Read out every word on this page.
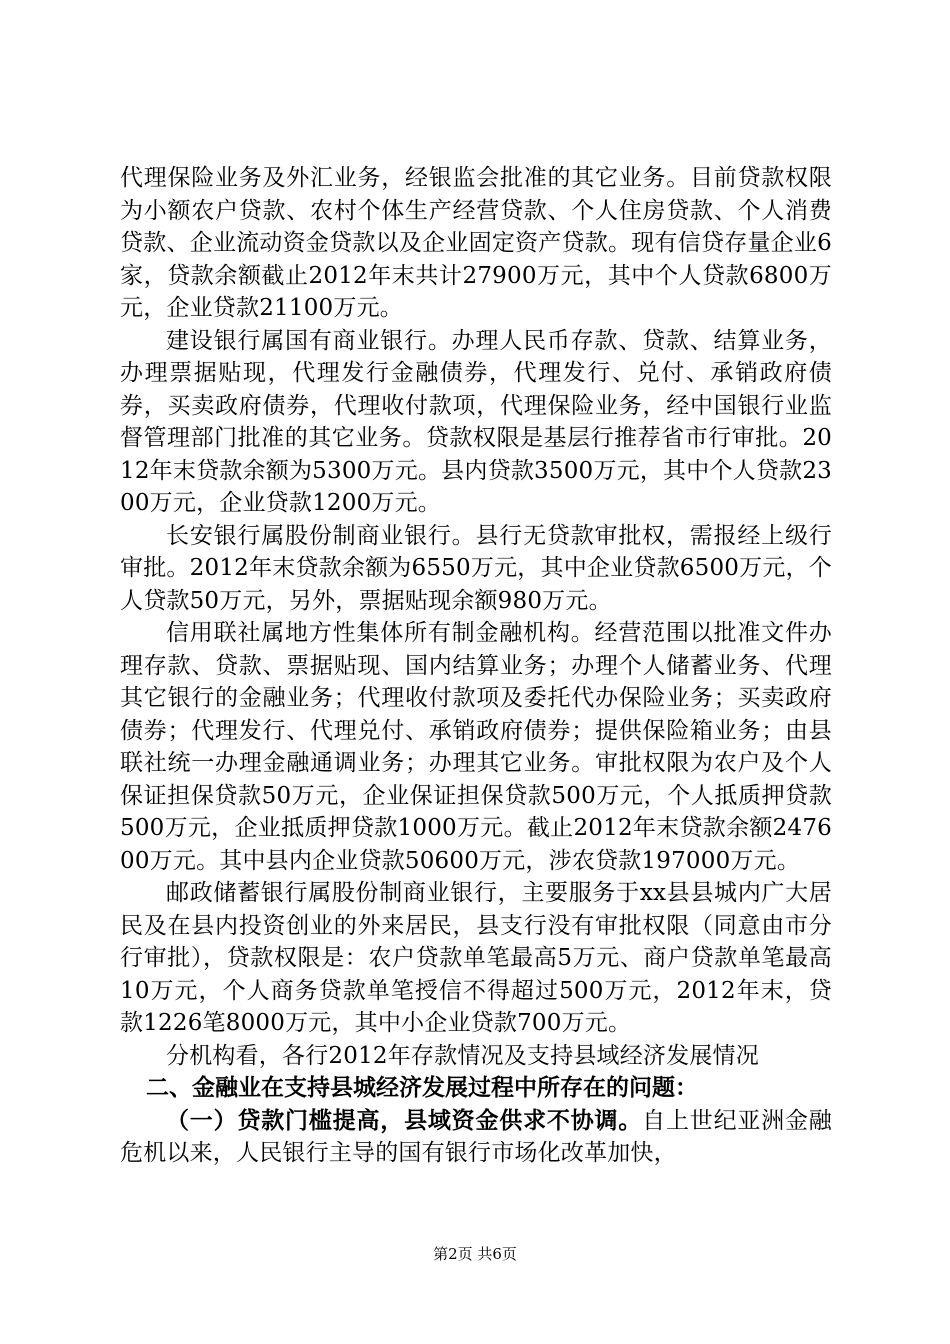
代理保险业务及外汇业务，经银监会批准的其它业务。目前贷款权限为小额农户贷款、农村个体生产经营贷款、个人住房贷款、个人消费贷款、企业流动资金贷款以及企业固定资产贷款。现有信贷存量企业6家，贷款余额截止2012年末共计27900万元，其中个人贷款6800万元，企业贷款21100万元。

建设银行属国有商业银行。办理人民币存款、贷款、结算业务，办理票据贴现，代理发行金融债券，代理发行、兑付、承销政府债券，买卖政府债券，代理收付款项，代理保险业务，经中国银行业监督管理部门批准的其它业务。贷款权限是基层行推荐省市行审批。2012年末贷款余额为5300万元。县内贷款3500万元，其中个人贷款2300万元，企业贷款1200万元。

长安银行属股份制商业银行。县行无贷款审批权，需报经上级行审批。2012年末贷款余额为6550万元，其中企业贷款6500万元，个人贷款50万元，另外，票据贴现余额980万元。

信用联社属地方性集体所有制金融机构。经营范围以批准文件办理存款、贷款、票据贴现、国内结算业务；办理个人储蓄业务、代理其它银行的金融业务；代理收付款项及委托代办保险业务；买卖政府债券；代理发行、代理兑付、承销政府债券；提供保险箱业务；由县联社统一办理金融通调业务；办理其它业务。审批权限为农户及个人保证担保贷款50万元，企业保证担保贷款500万元，个人抵质押贷款500万元，企业抵质押贷款1000万元。截止2012年末贷款余额247600万元。其中县内企业贷款50600万元，涉农贷款197000万元。

邮政储蓄银行属股份制商业银行，主要服务于xx县县城内广大居民及在县内投资创业的外来居民，县支行没有审批权限（同意由市分行审批），贷款权限是：农户贷款单笔最高5万元、商户贷款单笔最高10万元，个人商务贷款单笔授信不得超过500万元，2012年末，贷款1226笔8000万元，其中小企业贷款700万元。

分机构看，各行2012年存款情况及支持县域经济发展情况

二、金融业在支持县城经济发展过程中所存在的问题：

（一）贷款门槛提高，县域资金供求不协调。自上世纪亚洲金融危机以来，人民银行主导的国有银行市场化改革加快，

第2页 共6页
